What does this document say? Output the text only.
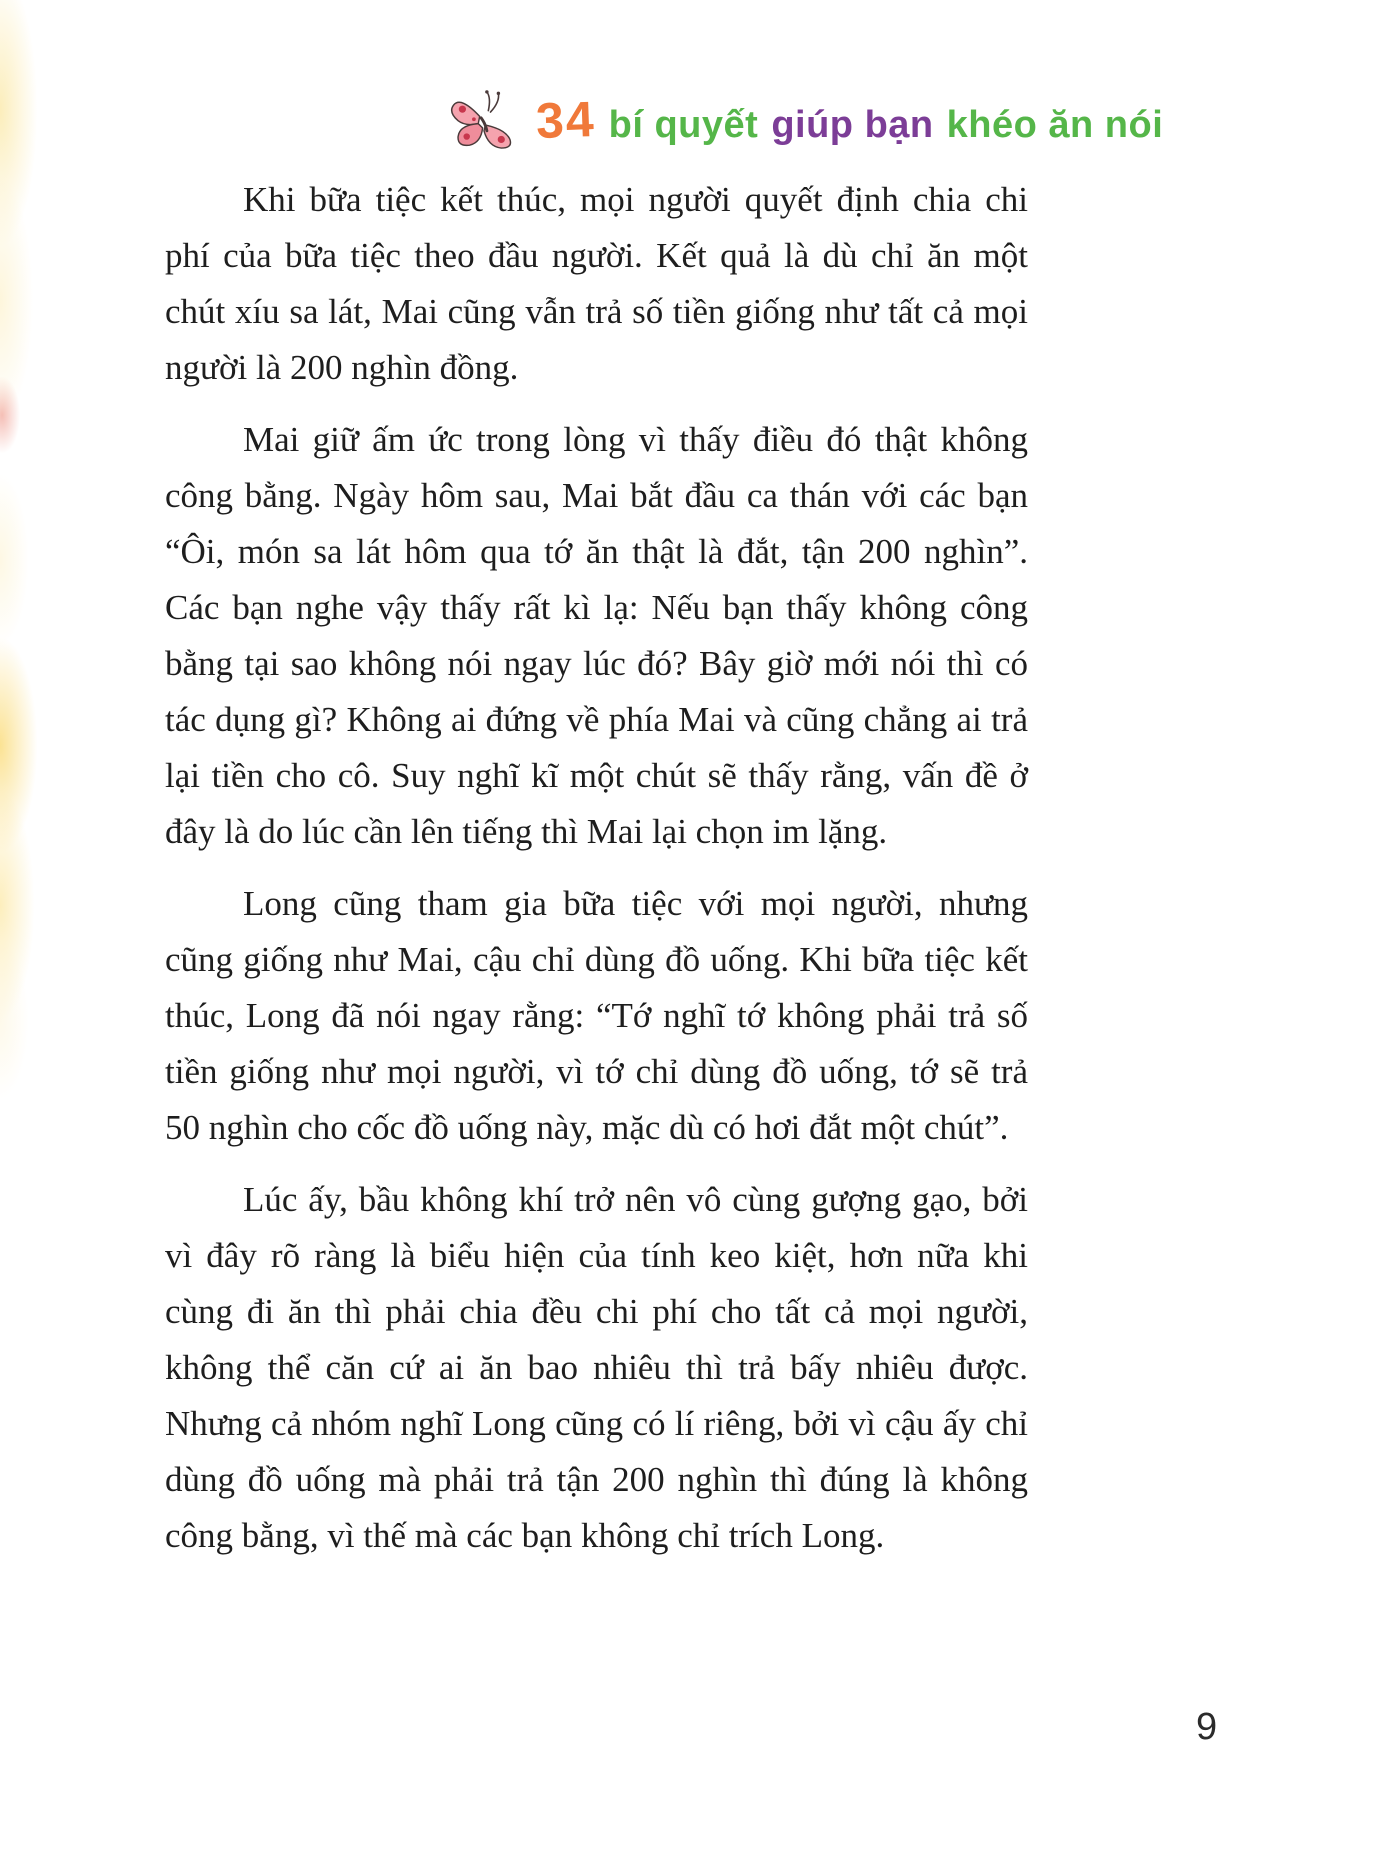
34 bí quyết giúp bạn khéo ăn nói

Khi bữa tiệc kết thúc, mọi người quyết định chia chi phí của bữa tiệc theo đầu người. Kết quả là dù chỉ ăn một chút xíu sa lát, Mai cũng vẫn trả số tiền giống như tất cả mọi người là 200 nghìn đồng.

Mai giữ ấm ức trong lòng vì thấy điều đó thật không công bằng. Ngày hôm sau, Mai bắt đầu ca thán với các bạn “Ôi, món sa lát hôm qua tớ ăn thật là đắt, tận 200 nghìn”. Các bạn nghe vậy thấy rất kì lạ: Nếu bạn thấy không công bằng tại sao không nói ngay lúc đó? Bây giờ mới nói thì có tác dụng gì? Không ai đứng về phía Mai và cũng chẳng ai trả lại tiền cho cô. Suy nghĩ kĩ một chút sẽ thấy rằng, vấn đề ở đây là do lúc cần lên tiếng thì Mai lại chọn im lặng.

Long cũng tham gia bữa tiệc với mọi người, nhưng cũng giống như Mai, cậu chỉ dùng đồ uống. Khi bữa tiệc kết thúc, Long đã nói ngay rằng: “Tớ nghĩ tớ không phải trả số tiền giống như mọi người, vì tớ chỉ dùng đồ uống, tớ sẽ trả 50 nghìn cho cốc đồ uống này, mặc dù có hơi đắt một chút”.

Lúc ấy, bầu không khí trở nên vô cùng gượng gạo, bởi vì đây rõ ràng là biểu hiện của tính keo kiệt, hơn nữa khi cùng đi ăn thì phải chia đều chi phí cho tất cả mọi người, không thể căn cứ ai ăn bao nhiêu thì trả bấy nhiêu được. Nhưng cả nhóm nghĩ Long cũng có lí riêng, bởi vì cậu ấy chỉ dùng đồ uống mà phải trả tận 200 nghìn thì đúng là không công bằng, vì thế mà các bạn không chỉ trích Long.

9
